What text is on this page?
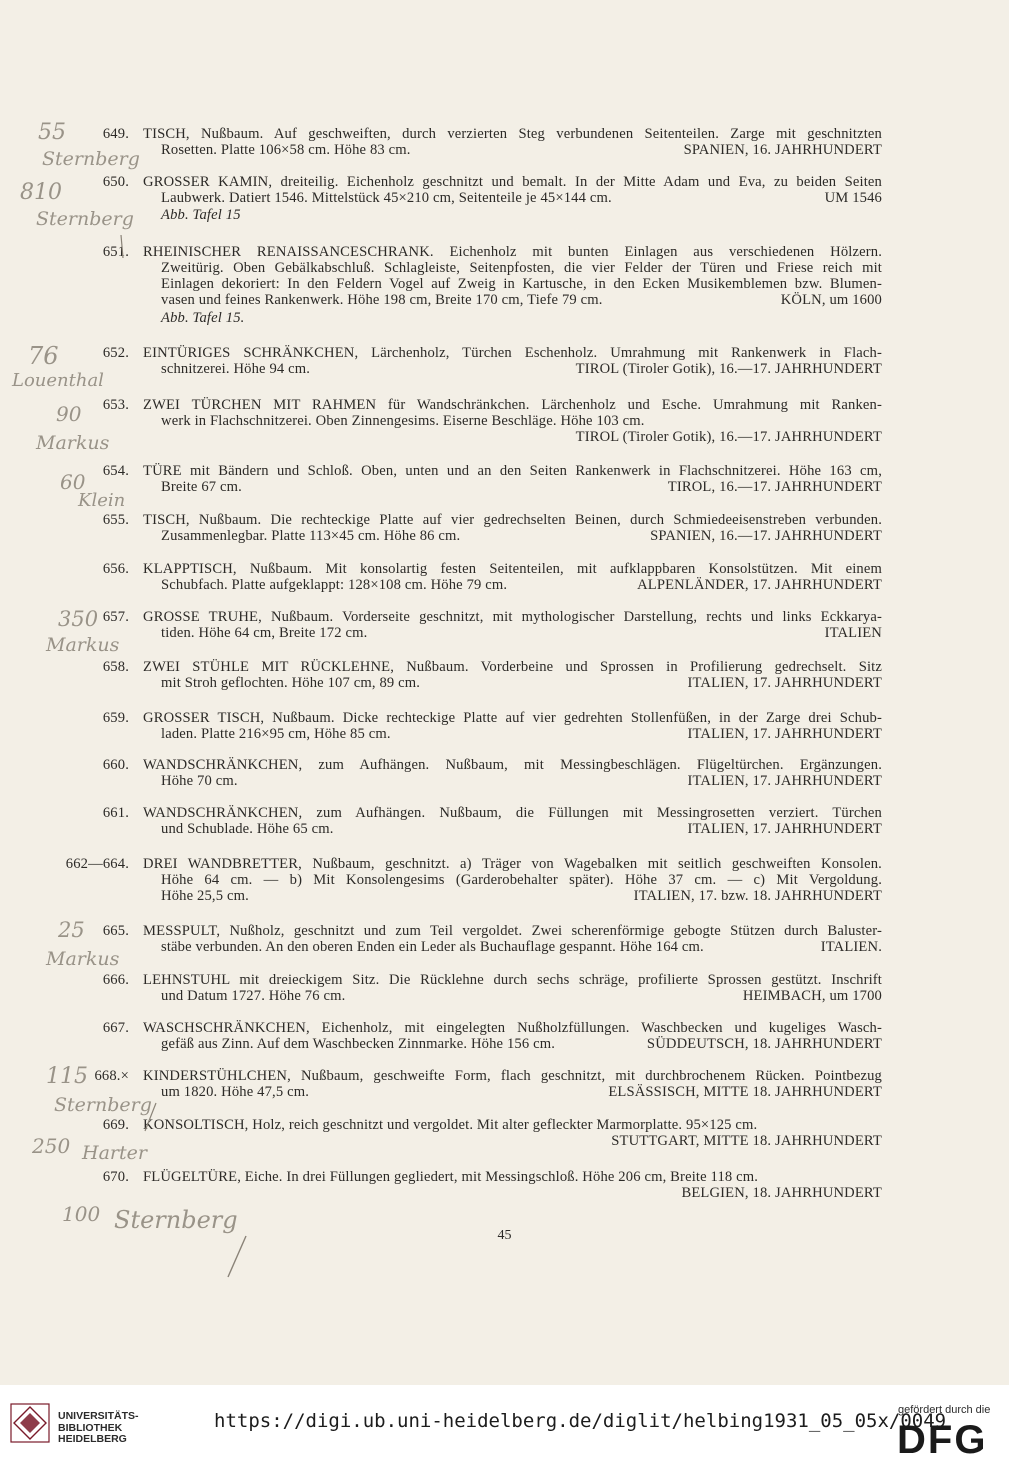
649. TISCH, Nußbaum. Auf geschweiften, durch verzierten Steg verbundenen Seitenteilen. Zarge mit geschnitzten
Rosetten. Platte 106×58 cm. Höhe 83 cm.	SPANIEN, 16. JAHRHUNDERT
650. GROSSER KAMIN, dreiteilig. Eichenholz geschnitzt und bemalt. In der Mitte Adam und Eva, zu beiden Seiten
Laubwerk. Datiert 1546. Mittelstück 45×210 cm, Seitenteile je 45×144 cm.	UM 1546
Abb. Tafel 15
651. RHEINISCHER RENAISSANCESCHRANK. Eichenholz mit bunten Einlagen aus verschiedenen Hölzern.
Zweitürig. Oben Gebälkabschluß. Schlagleiste, Seitenpfosten, die vier Felder der Türen und Friese reich mit
Einlagen dekoriert: In den Feldern Vogel auf Zweig in Kartusche, in den Ecken Musikemblemen bzw. Blumen-
vasen und feines Rankenwerk. Höhe 198 cm, Breite 170 cm, Tiefe 79 cm.	KÖLN, um 1600
Abb. Tafel 15.
652. EINTÜRIGES SCHRÄNKCHEN, Lärchenholz, Türchen Eschenholz. Umrahmung mit Rankenwerk in Flach-
schnitzerei. Höhe 94 cm.	TIROL (Tiroler Gotik), 16.—17. JAHRHUNDERT
653. ZWEI TÜRCHEN MIT RAHMEN für Wandschränkchen. Lärchenholz und Esche. Umrahmung mit Ranken-
werk in Flachschnitzerei. Oben Zinnengesims. Eiserne Beschläge. Höhe 103 cm.
TIROL (Tiroler Gotik), 16.—17. JAHRHUNDERT
654. TÜRE mit Bändern und Schloß. Oben, unten und an den Seiten Rankenwerk in Flachschnitzerei. Höhe 163 cm,
Breite 67 cm.	TIROL, 16.—17. JAHRHUNDERT
655. TISCH, Nußbaum. Die rechteckige Platte auf vier gedrechselten Beinen, durch Schmiedeeisenstreben verbunden.
Zusammenlegbar. Platte 113×45 cm. Höhe 86 cm.	SPANIEN, 16.—17. JAHRHUNDERT
656. KLAPPTISCH, Nußbaum. Mit konsolartig festen Seitenteilen, mit aufklappbaren Konsolstützen. Mit einem
Schubfach. Platte aufgeklappt: 128×108 cm. Höhe 79 cm.	ALPENLÄNDER, 17. JAHRHUNDERT
657. GROSSE TRUHE, Nußbaum. Vorderseite geschnitzt, mit mythologischer Darstellung, rechts und links Eckkarya-
tiden. Höhe 64 cm, Breite 172 cm.	ITALIEN
658. ZWEI STÜHLE MIT RÜCKLEHNE, Nußbaum. Vorderbeine und Sprossen in Profilierung gedrechselt. Sitz
mit Stroh geflochten. Höhe 107 cm, 89 cm.	ITALIEN, 17. JAHRHUNDERT
659. GROSSER TISCH, Nußbaum. Dicke rechteckige Platte auf vier gedrehten Stollenfüßen, in der Zarge drei Schub-
laden. Platte 216×95 cm, Höhe 85 cm.	ITALIEN, 17. JAHRHUNDERT
660. WANDSCHRÄNKCHEN, zum Aufhängen. Nußbaum, mit Messingbeschlägen. Flügeltürchen. Ergänzungen.
Höhe 70 cm.	ITALIEN, 17. JAHRHUNDERT
661. WANDSCHRÄNKCHEN, zum Aufhängen. Nußbaum, die Füllungen mit Messingrosetten verziert. Türchen
und Schublade. Höhe 65 cm.	ITALIEN, 17. JAHRHUNDERT
662—664. DREI WANDBRETTER, Nußbaum, geschnitzt. a) Träger von Wagebalken mit seitlich geschweiften Konsolen.
Höhe 64 cm. — b) Mit Konsolengesims (Garderobehalter später). Höhe 37 cm. — c) Mit Vergoldung.
Höhe 25,5 cm.	ITALIEN, 17. bzw. 18. JAHRHUNDERT
665. MESSPULT, Nußholz, geschnitzt und zum Teil vergoldet. Zwei scherenförmige gebogte Stützen durch Baluster-
stäbe verbunden. An den oberen Enden ein Leder als Buchauflage gespannt. Höhe 164 cm.	ITALIEN.
666. LEHNSTUHL mit dreieckigem Sitz. Die Rücklehne durch sechs schräge, profilierte Sprossen gestützt. Inschrift
und Datum 1727. Höhe 76 cm.	HEIMBACH, um 1700
667. WASCHSCHRÄNKCHEN, Eichenholz, mit eingelegten Nußholzfüllungen. Waschbecken und kugeliges Wasch-
gefäß aus Zinn. Auf dem Waschbecken Zinnmarke. Höhe 156 cm.	SÜDDEUTSCH, 18. JAHRHUNDERT
668.× KINDERSTÜHLCHEN, Nußbaum, geschweifte Form, flach geschnitzt, mit durchbrochenem Rücken. Pointbezug
um 1820. Höhe 47,5 cm.	ELSÄSSISCH, MITTE 18. JAHRHUNDERT
669. KONSOLTISCH, Holz, reich geschnitzt und vergoldet. Mit alter gefleckter Marmorplatte. 95×125 cm.
STUTTGART, MITTE 18. JAHRHUNDERT
670. FLÜGELTÜRE, Eiche. In drei Füllungen gegliedert, mit Messingschloß. Höhe 206 cm, Breite 118 cm.
BELGIEN, 18. JAHRHUNDERT
55
Sternberg
810
Sternberg
76
Louenthal
90
Markus
60
Klein
350
Markus
25
Markus
115
Sternberg
250 Harter
100 Sternberg
45
UNIVERSITÄTS-
BIBLIOTHEK
HEIDELBERG
https://digi.ub.uni-heidelberg.de/diglit/helbing1931_05_05x/0049
gefördert durch die
DFG
